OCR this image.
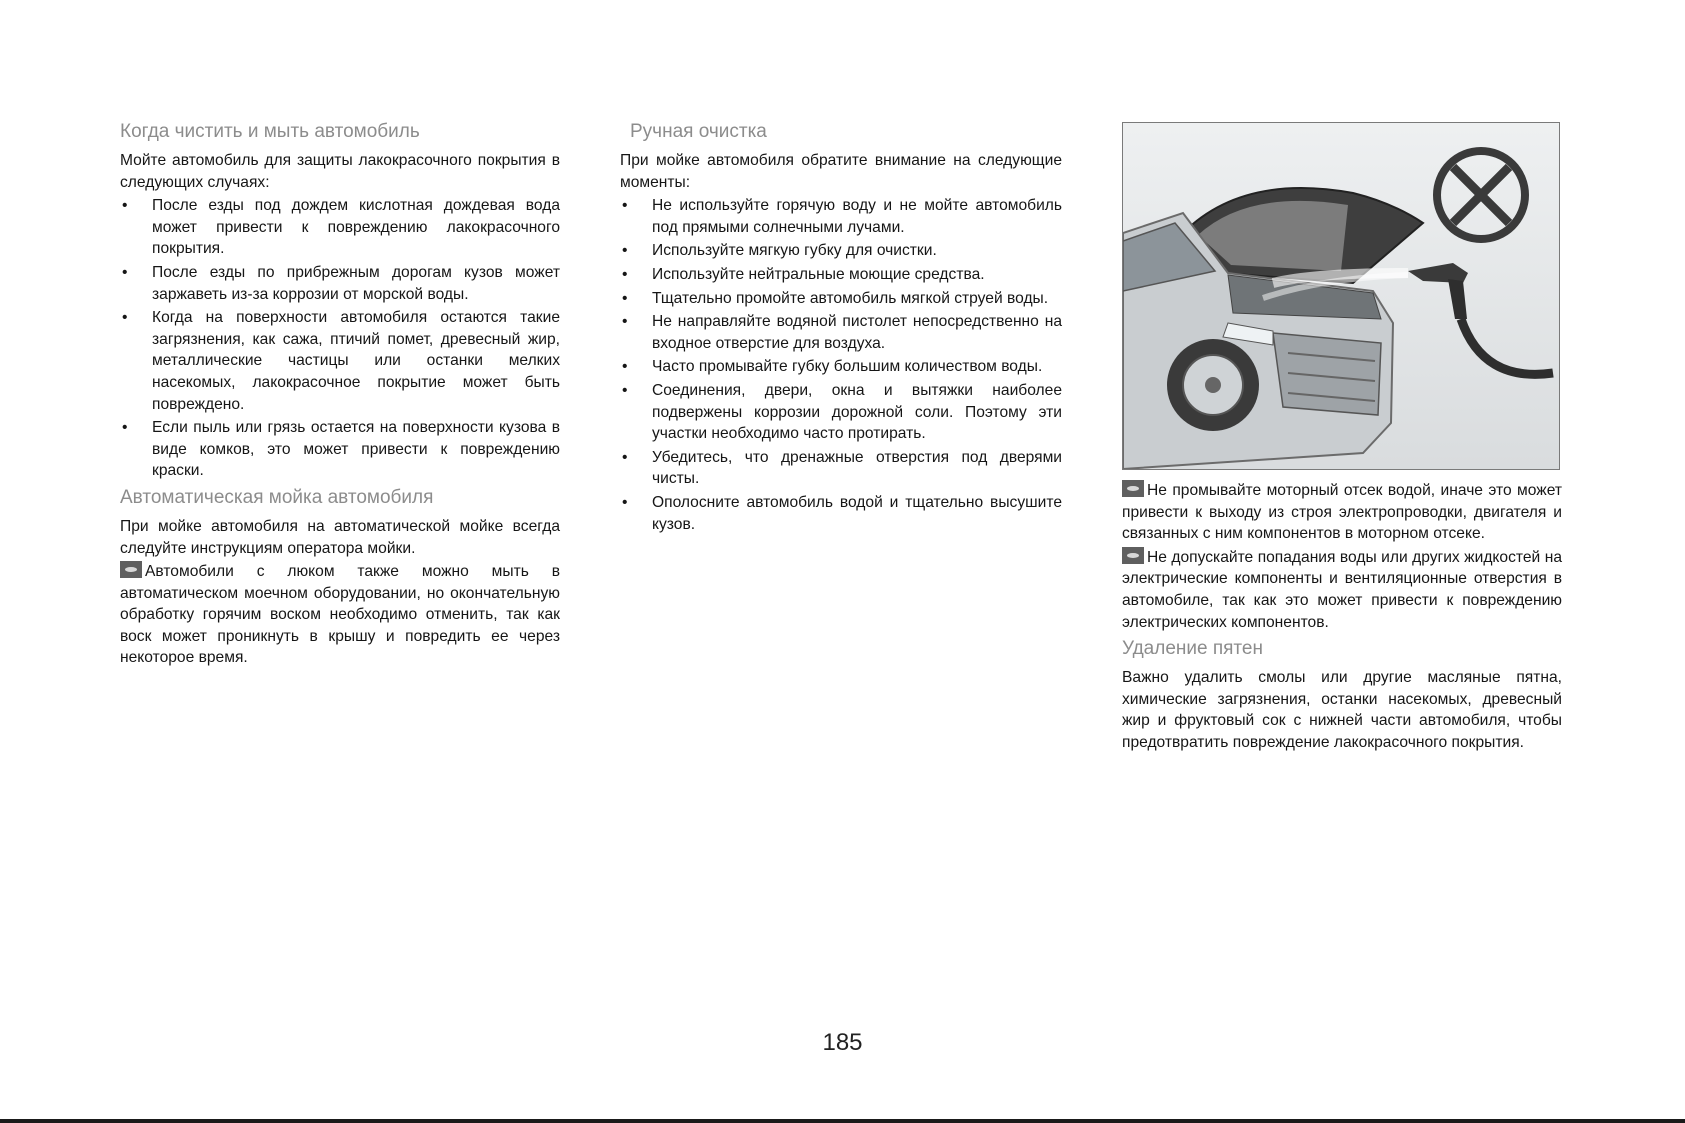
Когда чистить и мыть автомобиль

Мойте автомобиль для защиты лакокрасочного покрытия в следующих случаях:

• После езды под дождем кислотная дождевая вода может привести к повреждению лакокрасочного покрытия.
• После езды по прибрежным дорогам кузов может заржаветь из-за коррозии от морской воды.
• Когда на поверхности автомобиля остаются такие загрязнения, как сажа, птичий помет, древесный жир, металлические частицы или останки мелких насекомых, лакокрасочное покрытие может быть повреждено.
• Если пыль или грязь остается на поверхности кузова в виде комков, это может привести к повреждению краски.
Автоматическая мойка автомобиля

При мойке автомобиля на автоматической мойке всегда следуйте инструкциям оператора мойки.

Автомобили с люком также можно мыть в автоматическом моечном оборудовании, но окончательную обработку горячим воском необходимо отменить, так как воск может проникнуть в крышу и повредить ее через некоторое время.

Ручная очистка

При мойке автомобиля обратите внимание на следующие моменты:

• Не используйте горячую воду и не мойте автомобиль под прямыми солнечными лучами.
• Используйте мягкую губку для очистки.
• Используйте нейтральные моющие средства.
• Тщательно промойте автомобиль мягкой струей воды.
• Не направляйте водяной пистолет непосредственно на входное отверстие для воздуха.
• Часто промывайте губку большим количеством воды.
• Соединения, двери, окна и вытяжки наиболее подвержены коррозии дорожной соли. Поэтому эти участки необходимо часто протирать.
• Убедитесь, что дренажные отверстия под дверями чисты.
• Ополосните автомобиль водой и тщательно высушите кузов.

Не промывайте моторный отсек водой, иначе это может привести к выходу из строя электропроводки, двигателя и связанных с ним компонентов в моторном отсеке.

Не допускайте попадания воды или других жидкостей на электрические компоненты и вентиляционные отверстия в автомобиле, так как это может привести к повреждению электрических компонентов.

Удаление пятен

Важно удалить смолы или другие масляные пятна, химические загрязнения, останки насекомых, древесный жир и фруктовый сок с нижней части автомобиля, чтобы предотвратить повреждение лакокрасочного покрытия.

185
